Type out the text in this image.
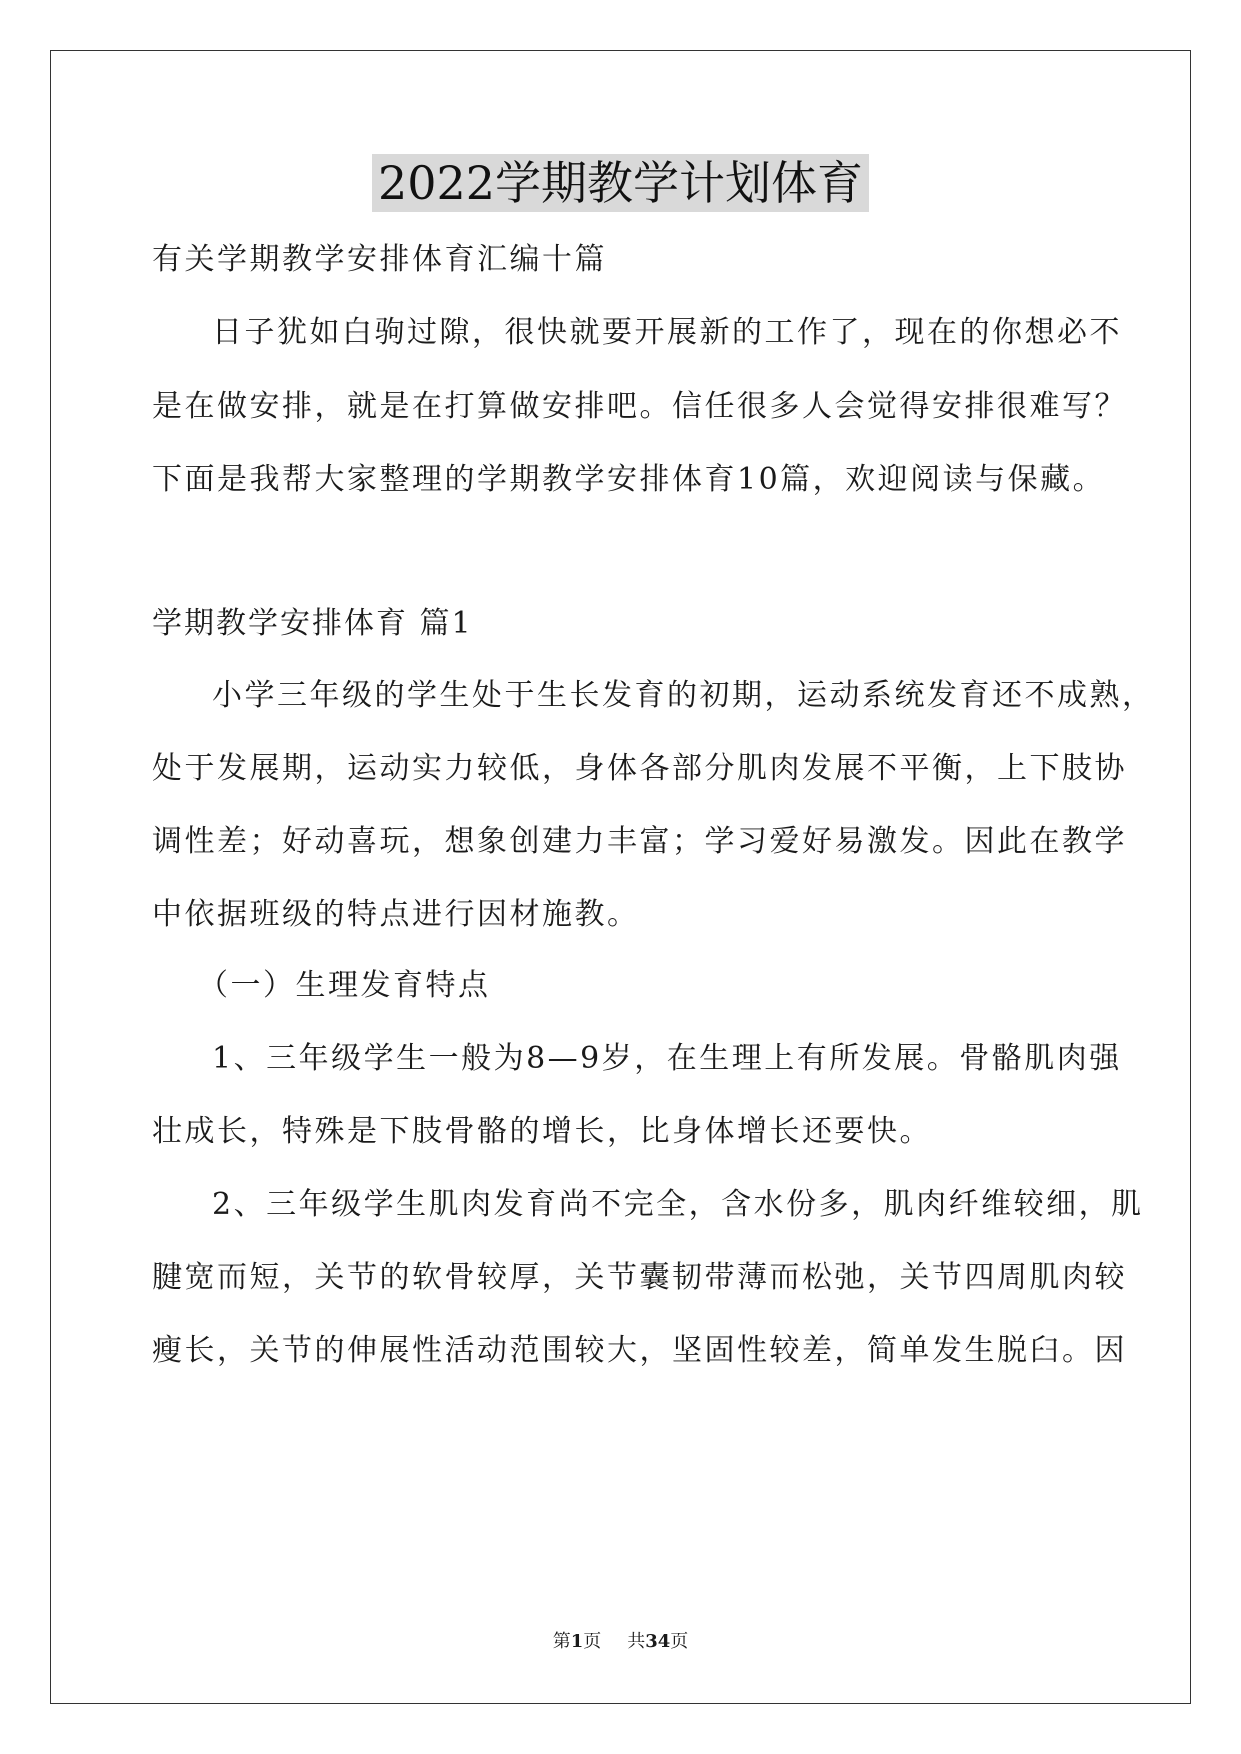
2022学期教学计划体育
有关学期教学安排体育汇编十篇
日子犹如白驹过隙，很快就要开展新的工作了，现在的你想必不
是在做安排，就是在打算做安排吧。信任很多人会觉得安排很难写？
下面是我帮大家整理的学期教学安排体育10篇，欢迎阅读与保藏。
学期教学安排体育 篇1
小学三年级的学生处于生长发育的初期，运动系统发育还不成熟，
处于发展期，运动实力较低，身体各部分肌肉发展不平衡，上下肢协
调性差；好动喜玩，想象创建力丰富；学习爱好易激发。因此在教学
中依据班级的特点进行因材施教。
（一）生理发育特点
1、三年级学生一般为8—9岁，在生理上有所发展。骨骼肌肉强
壮成长，特殊是下肢骨骼的增长，比身体增长还要快。
2、三年级学生肌肉发育尚不完全，含水份多，肌肉纤维较细，肌
腱宽而短，关节的软骨较厚，关节囊韧带薄而松弛，关节四周肌肉较
瘦长，关节的伸展性活动范围较大，坚固性较差，简单发生脱臼。因
第1页 共34页
